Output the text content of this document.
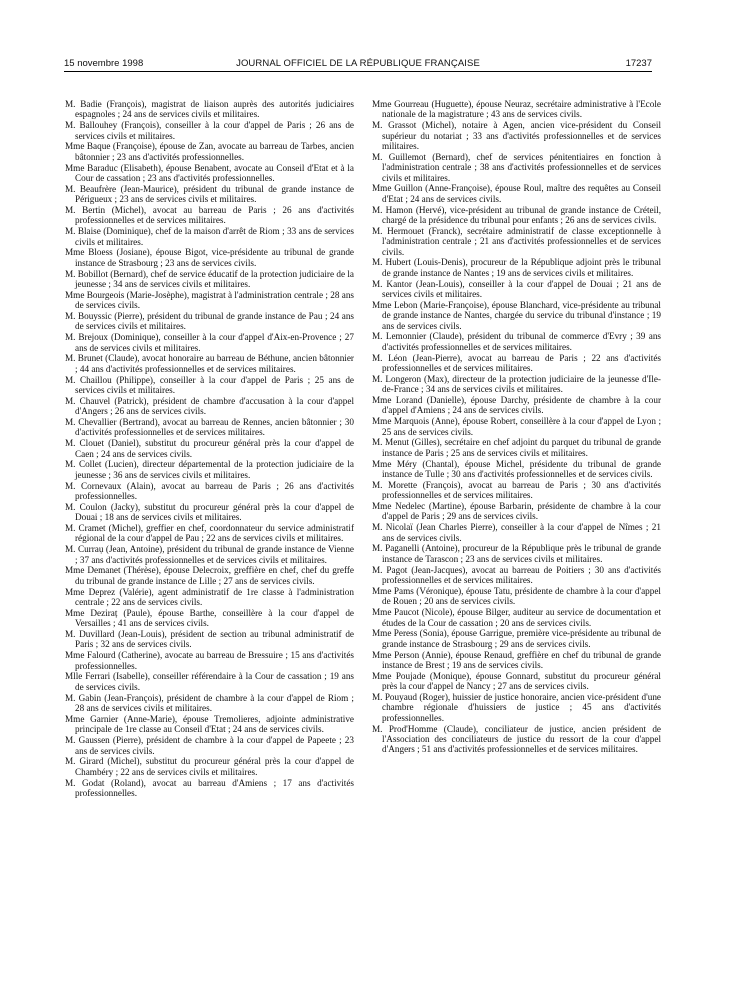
15 novembre 1998	JOURNAL OFFICIEL DE LA RÉPUBLIQUE FRANÇAISE	17237

M. Badie (François), magistrat de liaison auprès des autorités judiciaires espagnoles ; 24 ans de services civils et militaires.

M. Ballouhey (François), conseiller à la cour d'appel de Paris ; 26 ans de services civils et militaires.

Mme Baque (Françoise), épouse de Zan, avocate au barreau de Tarbes, ancien bâtonnier ; 23 ans d'activités professionnelles.

Mme Baraduc (Elisabeth), épouse Benabent, avocate au Conseil d'Etat et à la Cour de cassation ; 23 ans d'activités professionnelles.

M. Beaufrère (Jean-Maurice), président du tribunal de grande instance de Périgueux ; 23 ans de services civils et militaires.

M. Bertin (Michel), avocat au barreau de Paris ; 26 ans d'activités professionnelles et de services militaires.

M. Blaise (Dominique), chef de la maison d'arrêt de Riom ; 33 ans de services civils et militaires.

Mme Bloess (Josiane), épouse Bigot, vice-présidente au tribunal de grande instance de Strasbourg ; 23 ans de services civils.

M. Bobillot (Bernard), chef de service éducatif de la protection judiciaire de la jeunesse ; 34 ans de services civils et militaires.

Mme Bourgeois (Marie-Josèphe), magistrat à l'administration centrale ; 28 ans de services civils.

M. Bouyssic (Pierre), président du tribunal de grande instance de Pau ; 24 ans de services civils et militaires.

M. Brejoux (Dominique), conseiller à la cour d'appel d'Aix-en-Provence ; 27 ans de services civils et militaires.

M. Brunet (Claude), avocat honoraire au barreau de Béthune, ancien bâtonnier ; 44 ans d'activités professionnelles et de services militaires.

M. Chaillou (Philippe), conseiller à la cour d'appel de Paris ; 25 ans de services civils et militaires.

M. Chauvel (Patrick), président de chambre d'accusation à la cour d'appel d'Angers ; 26 ans de services civils.

M. Chevallier (Bertrand), avocat au barreau de Rennes, ancien bâtonnier ; 30 d'activités professionnelles et de services militaires.

M. Clouet (Daniel), substitut du procureur général près la cour d'appel de Caen ; 24 ans de services civils.

M. Collet (Lucien), directeur départemental de la protection judiciaire de la jeunesse ; 36 ans de services civils et militaires.

M. Cornevaux (Alain), avocat au barreau de Paris ; 26 ans d'activités professionnelles.

M. Coulon (Jacky), substitut du procureur général près la cour d'appel de Douai ; 18 ans de services civils et militaires.

M. Cramet (Michel), greffier en chef, coordonnateur du service administratif régional de la cour d'appel de Pau ; 22 ans de services civils et militaires.

M. Curraụ (Jean, Antoine), président du tribunal de grande instance de Vienne ; 37 ans d'activités professionnelles et de services civils et militaires.

Mme Demanet (Thérèse), épouse Delecroix, greffière en chef, chef du greffe du tribunal de grande instance de Lille ; 27 ans de services civils.

Mme Deprez (Valérie), agent administratif de 1re classe à l'administration centrale ; 22 ans de services civils.

Mme Deziraț (Paule), épouse Barthe, conseillère à la cour d'appel de Versailles ; 41 ans de services civils.

M. Duvillard (Jean-Louis), président de section au tribunal administratif de Paris ; 32 ans de services civils.

Mme Falourd (Catherine), avocate au barreau de Bressuire ; 15 ans d'activités professionnelles.

Mlle Ferrari (Isabelle), conseiller référendaire à la Cour de cassation ; 19 ans de services civils.

M. Gabin (Jean-François), président de chambre à la cour d'appel de Riom ; 28 ans de services civils et militaires.

Mme Garnier (Anne-Marie), épouse Tremolieres, adjointe administrative principale de 1re classe au Conseil d'Etat ; 24 ans de services civils.

M. Gaussen (Pierre), président de chambre à la cour d'appel de Papeete ; 23 ans de services civils.

M. Girard (Michel), substitut du procureur général près la cour d'appel de Chambéry ; 22 ans de services civils et militaires.

M. Godat (Roland), avocat au barreau d'Amiens ; 17 ans d'activités professionnelles.

Mme Gourreau (Huguette), épouse Neuraz, secrétaire administrative à l'Ecole nationale de la magistrature ; 43 ans de services civils.

M. Grassot (Michel), notaire à Agen, ancien vice-président du Conseil supérieur du notariat ; 33 ans d'activités professionnelles et de services militaires.

M. Guillemot (Bernard), chef de services pénitentiaires en fonction à l'administration centrale ; 38 ans d'activités professionnelles et de services civils et militaires.

Mme Guillon (Anne-Françoise), épouse Roul, maître des requêtes au Conseil d'Etat ; 24 ans de services civils.

M. Hamon (Hervé), vice-président au tribunal de grande instance de Créteil, chargé de la présidence du tribunal pour enfants ; 26 ans de services civils.

M. Hermouet (Franck), secrétaire administratif de classe exceptionnelle à l'administration centrale ; 21 ans d'activités professionnelles et de services civils.

M. Hubert (Louis-Denis), procureur de la République adjoint près le tribunal de grande instance de Nantes ; 19 ans de services civils et militaires.

M. Kantor (Jean-Louis), conseiller à la cour d'appel de Douai ; 21 ans de services civils et militaires.

Mme Lebon (Marie-Françoise), épouse Blanchard, vice-présidente au tribunal de grande instance de Nantes, chargée du service du tribunal d'instance ; 19 ans de services civils.

M. Lemonnier (Claude), président du tribunal de commerce d'Evry ; 39 ans d'activités professionnelles et de services militaires.

M. Léon (Jean-Pierre), avocat au barreau de Paris ; 22 ans d'activités professionnelles et de services militaires.

M. Longeron (Max), directeur de la protection judiciaire de la jeunesse d'Ile-de-France ; 34 ans de services civils et militaires.

Mme Lorand (Danielle), épouse Darchy, présidente de chambre à la cour d'appel d'Amiens ; 24 ans de services civils.

Mme Marquois (Anne), épouse Robert, conseillère à la cour d'appel de Lyon ; 25 ans de services civils.

M. Menut (Gilles), secrétaire en chef adjoint du parquet du tribunal de grande instance de Paris ; 25 ans de services civils et militaires.

Mme Méry (Chantal), épouse Michel, présidente du tribunal de grande instance de Tulle ; 30 ans d'activités professionnelles et de services civils.

M. Morette (François), avocat au barreau de Paris ; 30 ans d'activités professionnelles et de services militaires.

Mme Nedelec (Martine), épouse Barbarin, présidente de chambre à la cour d'appel de Paris ; 29 ans de services civils.

M. Nicolaï (Jean Charles Pierre), conseiller à la cour d'appel de Nîmes ; 21 ans de services civils.

M. Paganelli (Antoine), procureur de la République près le tribunal de grande instance de Tarascon ; 23 ans de services civils et militaires.

M. Pagot (Jean-Jacques), avocat au barreau de Poitiers ; 30 ans d'activités professionnelles et de services militaires.

Mme Pams (Véronique), épouse Tatu, présidente de chambre à la cour d'appel de Rouen ; 20 ans de services civils.

Mme Paucot (Nicole), épouse Bilger, auditeur au service de documentation et études de la Cour de cassation ; 20 ans de services civils.

Mme Peress (Sonia), épouse Garrigue, première vice-présidente au tribunal de grande instance de Strasbourg ; 29 ans de services civils.

Mme Person (Annie), épouse Renaud, greffière en chef du tribunal de grande instance de Brest ; 19 ans de services civils.

Mme Poujade (Monique), épouse Gonnard, substitut du procureur général près la cour d'appel de Nancy ; 27 ans de services civils.

M. Pouyaud (Roger), huissier de justice honoraire, ancien vice-président d'une chambre régionale d'huissiers de justice ; 45 ans d'activités professionnelles.

M. Prod'Homme (Claude), conciliateur de justice, ancien président de l'Association des conciliateurs de justice du ressort de la cour d'appel d'Angers ; 51 ans d'activités professionnelles et de services militaires.
